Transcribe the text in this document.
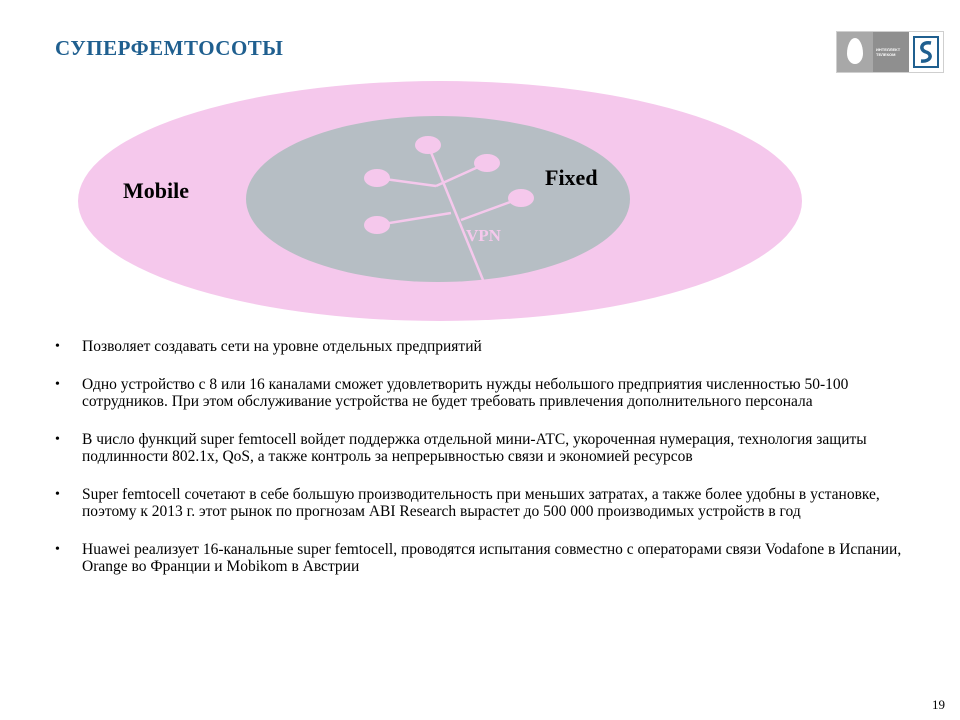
СУПЕРФЕМТОСОТЫ	ИНТЕЛЛЕКТ ТЕЛЕКОМ
Mobile
Fixed
VPN
• Позволяет создавать сети на уровне отдельных предприятий
• Одно устройство с 8 или 16 каналами сможет удовлетворить нужды небольшого предприятия численностью 50-100 сотрудников. При этом обслуживание устройства не будет требовать привлечения дополнительного персонала
• В число функций super femtocell войдет поддержка отдельной мини-АТС, укороченная нумерация, технология защиты подлинности 802.1x, QoS, а также контроль за непрерывностью связи и экономией ресурсов
• Super femtocell сочетают в себе большую производительность при меньших затратах, а также более удобны в установке, поэтому к 2013 г. этот рынок по прогнозам ABI Research вырастет до 500 000 производимых устройств в год
• Huawei реализует 16-канальные super femtocell, проводятся испытания совместно с операторами связи Vodafone в Испании, Orange во Франции и Mobikom в Австрии
19
